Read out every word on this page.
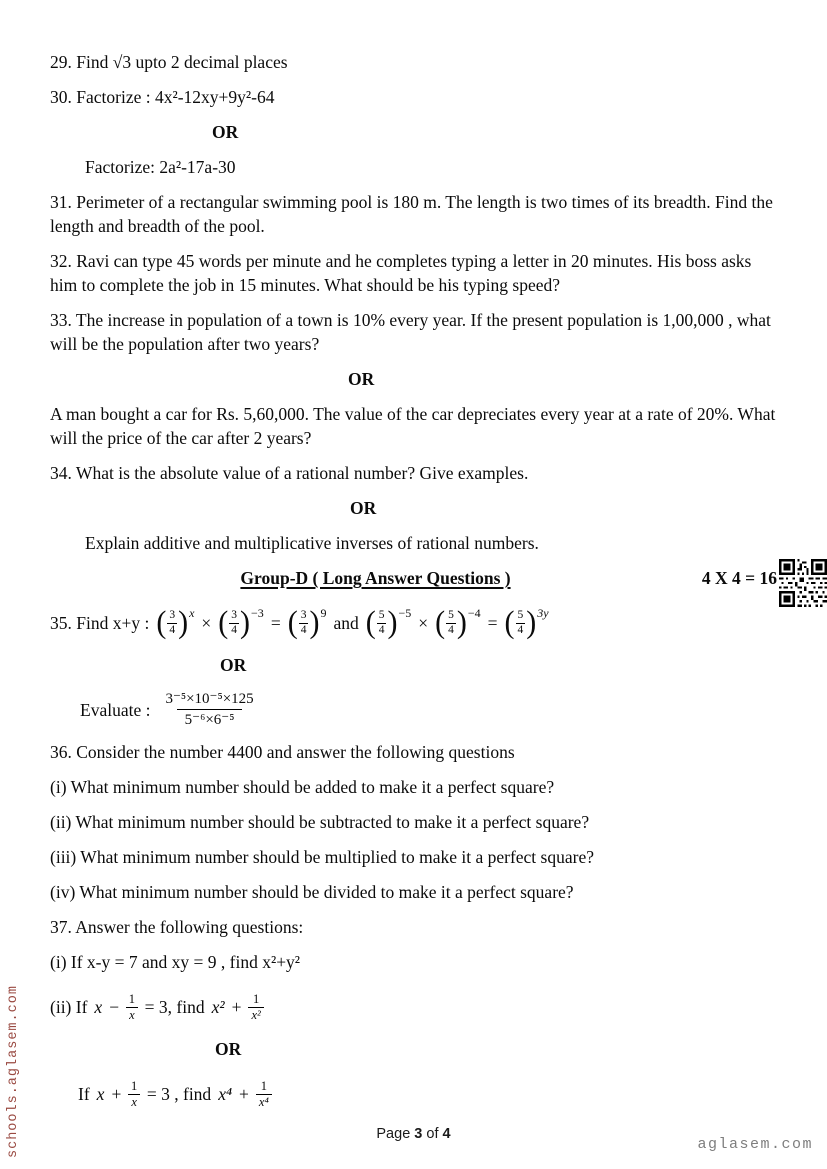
29. Find √3 upto 2 decimal places
30. Factorize : 4x²-12xy+9y²-64
OR
Factorize: 2a²-17a-30
31. Perimeter of a rectangular swimming pool is 180 m. The length is two times of its breadth. Find the length and breadth of the pool.
32. Ravi can type 45 words per minute and he completes typing a letter in 20 minutes. His boss asks him to complete the job in 15 minutes. What should be his typing speed?
33. The increase in population of a town is 10% every year. If the present population is 1,00,000 , what will be the population after two years?
OR
A man bought a car for Rs. 5,60,000. The value of the car depreciates every year at a rate of 20%. What will the price of the car after 2 years?
34. What is the absolute value of a rational number? Give examples.
OR
Explain additive and multiplicative inverses of rational numbers.
Group-D ( Long Answer Questions )	4 X 4 = 16
35. Find x+y : ( 3
4 ) x × ( 3
4 ) −3 = ( 3
4 ) 9 and ( 5
4 ) −5 × ( 5
4 ) −4 = ( 5
4 ) 3y
OR
Evaluate : $\frac{\text{3⁻⁵×10⁻⁵×125}}{\text{5⁻⁶×6⁻⁵}}$
36. Consider the number 4400 and answer the following questions
(i) What minimum number should be added to make it a perfect square?
(ii) What minimum number should be subtracted to make it a perfect square?
(iii) What minimum number should be multiplied to make it a perfect square?
(iv) What minimum number should be divided to make it a perfect square?
37. Answer the following questions:
(i) If x-y = 7 and xy = 9 , find x²+y²
(ii) If $x - \frac{1}{x} = 3$, find $x^2 + \frac{1}{\text{x²}}$
OR
If $x + \frac{1}{x} = 3$ , find $x^4 + \frac{1}{\text{x⁴}}$
Page 3 of 4
aglasem.com
schools.aglasem.com
